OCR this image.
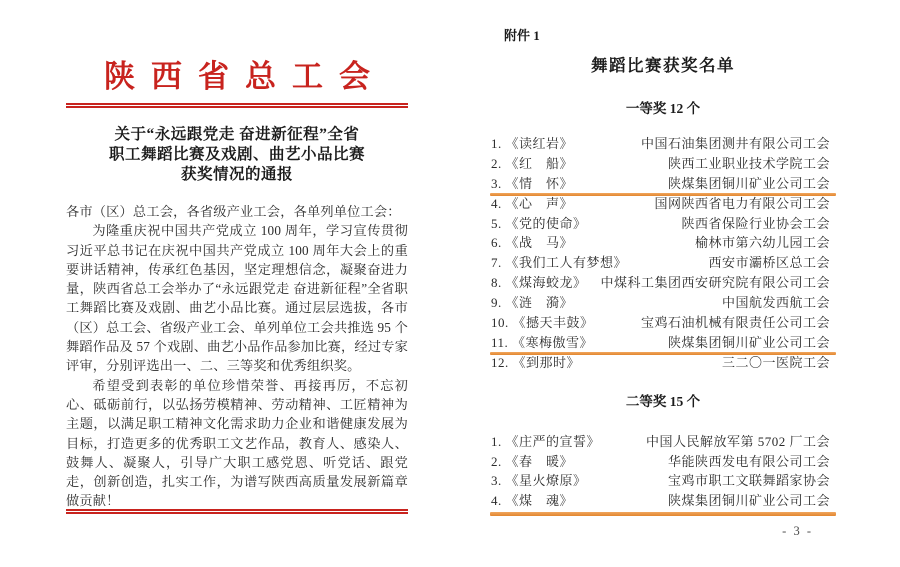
陕西省总工会
关于“永远跟党走 奋进新征程”全省
职工舞蹈比赛及戏剧、曲艺小品比赛
获奖情况的通报

各市（区）总工会，各省级产业工会，各单列单位工会：

为隆重庆祝中国共产党成立 100 周年，学习宣传贯彻习近平总书记在庆祝中国共产党成立 100 周年大会上的重要讲话精神，传承红色基因，坚定理想信念，凝聚奋进力量，陕西省总工会举办了“永远跟党走 奋进新征程”全省职工舞蹈比赛及戏剧、曲艺小品比赛。通过层层选拔，各市（区）总工会、省级产业工会、单列单位工会共推选 95 个舞蹈作品及 57 个戏剧、曲艺小品作品参加比赛，经过专家评审，分别评选出一、二、三等奖和优秀组织奖。

希望受到表彰的单位珍惜荣誉、再接再厉，不忘初心、砥砺前行，以弘扬劳模精神、劳动精神、工匠精神为主题，以满足职工精神文化需求助力企业和谐健康发展为目标，打造更多的优秀职工文艺作品，教育人、感染人、鼓舞人、凝聚人，引导广大职工感党恩、听党话、跟党走，创新创造，扎实工作，为谱写陕西高质量发展新篇章做贡献！

附件 1
舞蹈比赛获奖名单
一等奖 12 个
1. 《读红岩》	中国石油集团测井有限公司工会
2. 《红　船》	陕西工业职业技术学院工会
3. 《情　怀》	陕煤集团铜川矿业公司工会
4. 《心　声》	国网陕西省电力有限公司工会
5. 《党的使命》	陕西省保险行业协会工会
6. 《战　马》	榆林市第六幼儿园工会
7. 《我们工人有梦想》	西安市灞桥区总工会
8. 《煤海蛟龙》 中煤科工集团西安研究院有限公司工会
9. 《涟　漪》	中国航发西航工会
10. 《撼天丰鼓》	宝鸡石油机械有限责任公司工会
11. 《寒梅傲雪》	陕煤集团铜川矿业公司工会
12. 《到那时》	三二〇一医院工会
二等奖 15 个
1. 《庄严的宣誓》	中国人民解放军第 5702 厂工会
2. 《春　暖》	华能陕西发电有限公司工会
3. 《星火燎原》	宝鸡市职工文联舞蹈家协会
4. 《煤　魂》	陕煤集团铜川矿业公司工会
- 3 -
